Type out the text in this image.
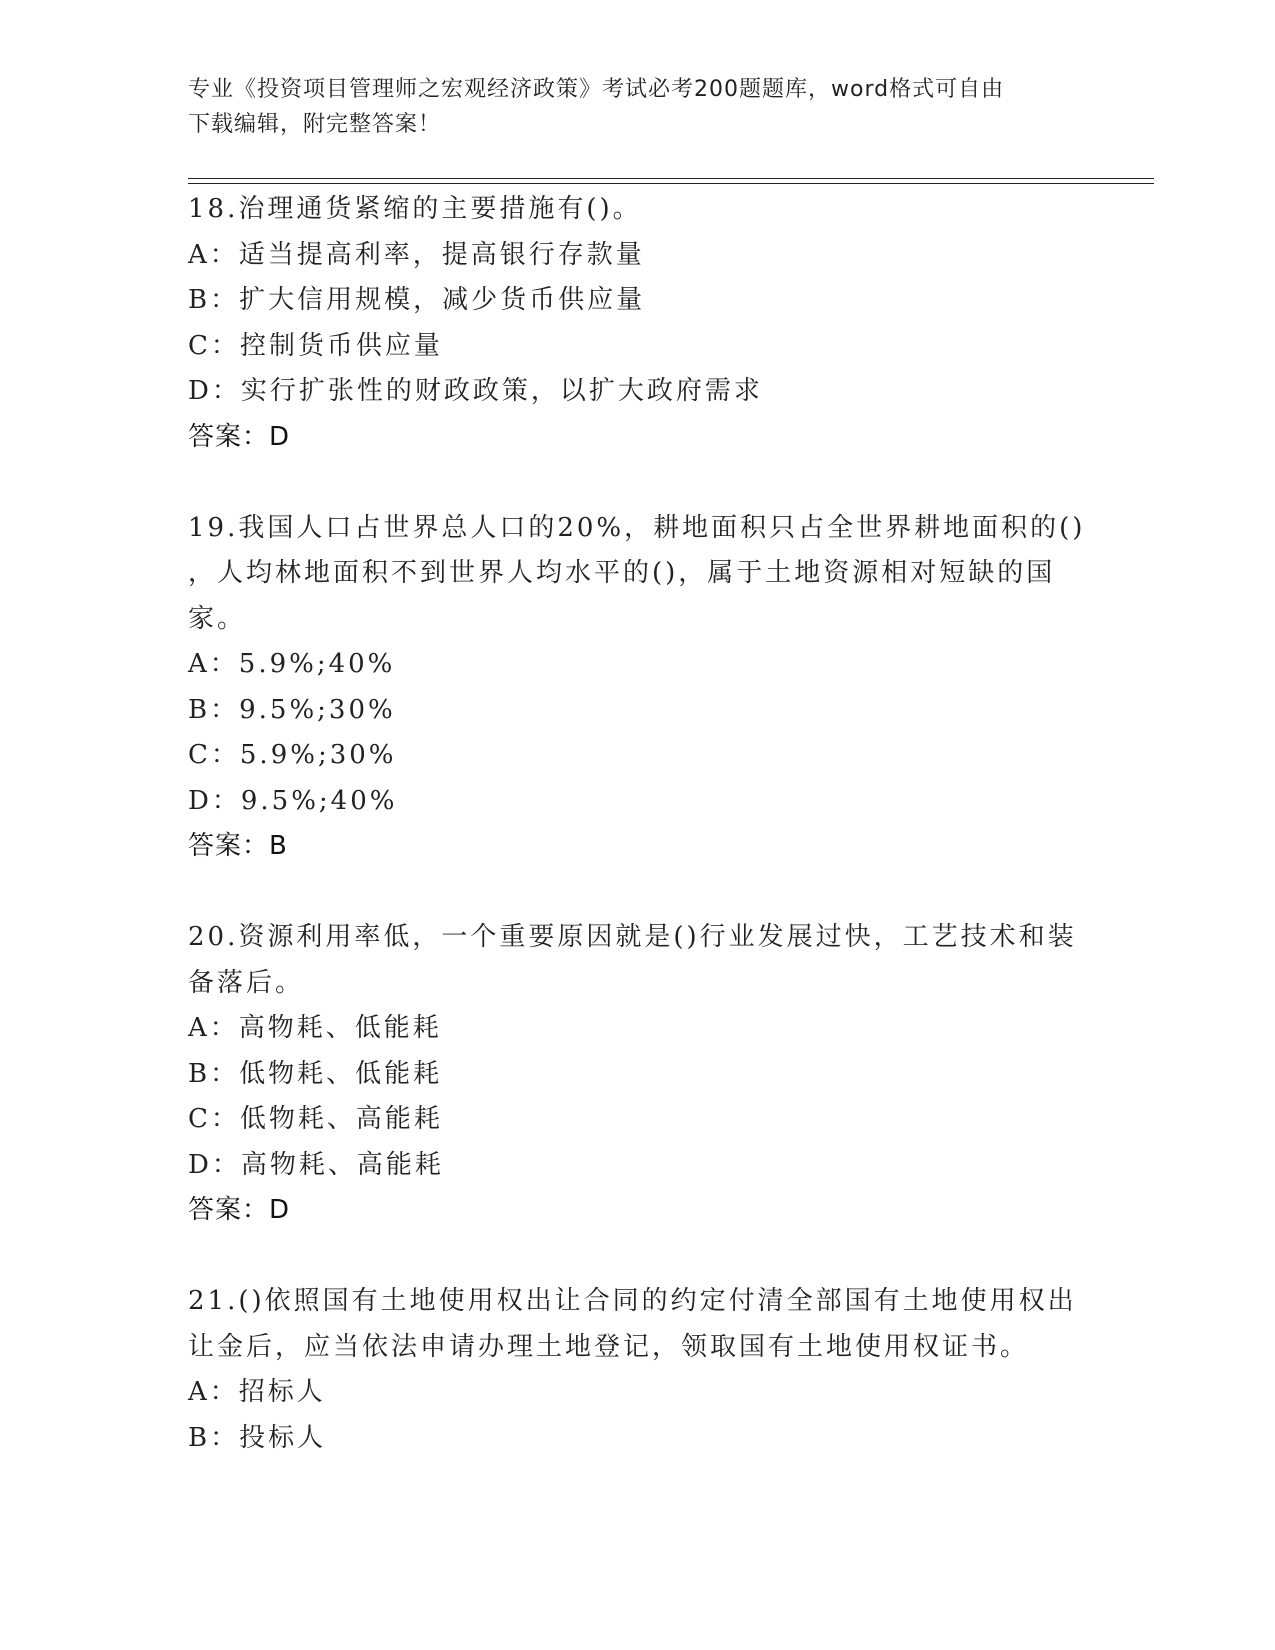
专业《投资项目管理师之宏观经济政策》考试必考200题题库，word格式可自由
下载编辑，附完整答案！
18.治理通货紧缩的主要措施有()。
A：适当提高利率，提高银行存款量
B：扩大信用规模，减少货币供应量
C：控制货币供应量
D：实行扩张性的财政政策，以扩大政府需求
答案：D
19.我国人口占世界总人口的20%，耕地面积只占全世界耕地面积的()
，人均林地面积不到世界人均水平的()，属于土地资源相对短缺的国
家。
A：5.9%;40%
B：9.5%;30%
C：5.9%;30%
D：9.5%;40%
答案：B
20.资源利用率低，一个重要原因就是()行业发展过快，工艺技术和装
备落后。
A：高物耗、低能耗
B：低物耗、低能耗
C：低物耗、高能耗
D：高物耗、高能耗
答案：D
21.()依照国有土地使用权出让合同的约定付清全部国有土地使用权出
让金后，应当依法申请办理土地登记，领取国有土地使用权证书。
A：招标人
B：投标人
